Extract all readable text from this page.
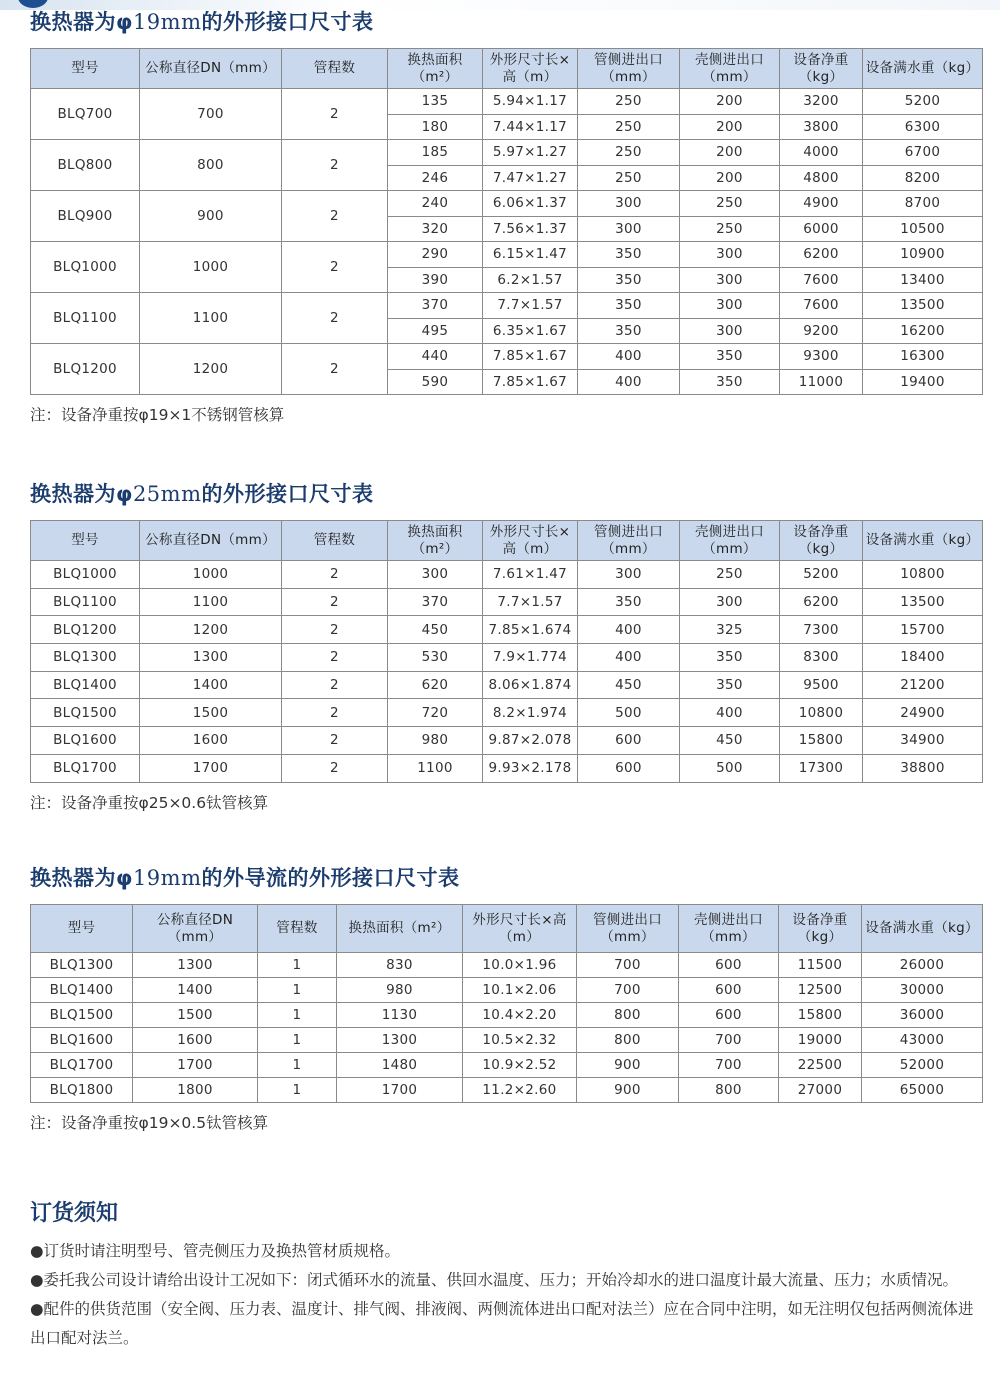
换热器为φ19mm的外形接口尺寸表
型号	公称直径DN（mm）	管程数	换热面积（m²）	外形尺寸长×高（m）	管侧进出口（mm）	壳侧进出口（mm）	设备净重（kg）	设备满水重（kg）
BLQ700	700	2	135	5.94×1.17	250	200	3200	5200
			180	7.44×1.17	250	200	3800	6300
BLQ800	800	2	185	5.97×1.27	250	200	4000	6700
			246	7.47×1.27	250	200	4800	8200
BLQ900	900	2	240	6.06×1.37	300	250	4900	8700
			320	7.56×1.37	300	250	6000	10500
BLQ1000	1000	2	290	6.15×1.47	350	300	6200	10900
			390	6.2×1.57	350	300	7600	13400
BLQ1100	1100	2	370	7.7×1.57	350	300	7600	13500
			495	6.35×1.67	350	300	9200	16200
BLQ1200	1200	2	440	7.85×1.67	400	350	9300	16300
			590	7.85×1.67	400	350	11000	19400
注：设备净重按φ19×1不锈钢管核算
换热器为φ25mm的外形接口尺寸表
型号	公称直径DN（mm）	管程数	换热面积（m²）	外形尺寸长×高（m）	管侧进出口（mm）	壳侧进出口（mm）	设备净重（kg）	设备满水重（kg）
BLQ1000	1000	2	300	7.61×1.47	300	250	5200	10800
BLQ1100	1100	2	370	7.7×1.57	350	300	6200	13500
BLQ1200	1200	2	450	7.85×1.674	400	325	7300	15700
BLQ1300	1300	2	530	7.9×1.774	400	350	8300	18400
BLQ1400	1400	2	620	8.06×1.874	450	350	9500	21200
BLQ1500	1500	2	720	8.2×1.974	500	400	10800	24900
BLQ1600	1600	2	980	9.87×2.078	600	450	15800	34900
BLQ1700	1700	2	1100	9.93×2.178	600	500	17300	38800
注：设备净重按φ25×0.6钛管核算
换热器为φ19mm的外导流的外形接口尺寸表
型号	公称直径DN（mm）	管程数	换热面积（m²）	外形尺寸长×高（m）	管侧进出口（mm）	壳侧进出口（mm）	设备净重（kg）	设备满水重（kg）
BLQ1300	1300	1	830	10.0×1.96	700	600	11500	26000
BLQ1400	1400	1	980	10.1×2.06	700	600	12500	30000
BLQ1500	1500	1	1130	10.4×2.20	800	600	15800	36000
BLQ1600	1600	1	1300	10.5×2.32	800	700	19000	43000
BLQ1700	1700	1	1480	10.9×2.52	900	700	22500	52000
BLQ1800	1800	1	1700	11.2×2.60	900	800	27000	65000
注：设备净重按φ19×0.5钛管核算
订货须知
●订货时请注明型号、管壳侧压力及换热管材质规格。
●委托我公司设计请给出设计工况如下：闭式循环水的流量、供回水温度、压力；开始冷却水的进口温度计最大流量、压力；水质情况。
●配件的供货范围（安全阀、压力表、温度计、排气阀、排液阀、两侧流体进出口配对法兰）应在合同中注明，如无注明仅包括两侧流体进出口配对法兰。
